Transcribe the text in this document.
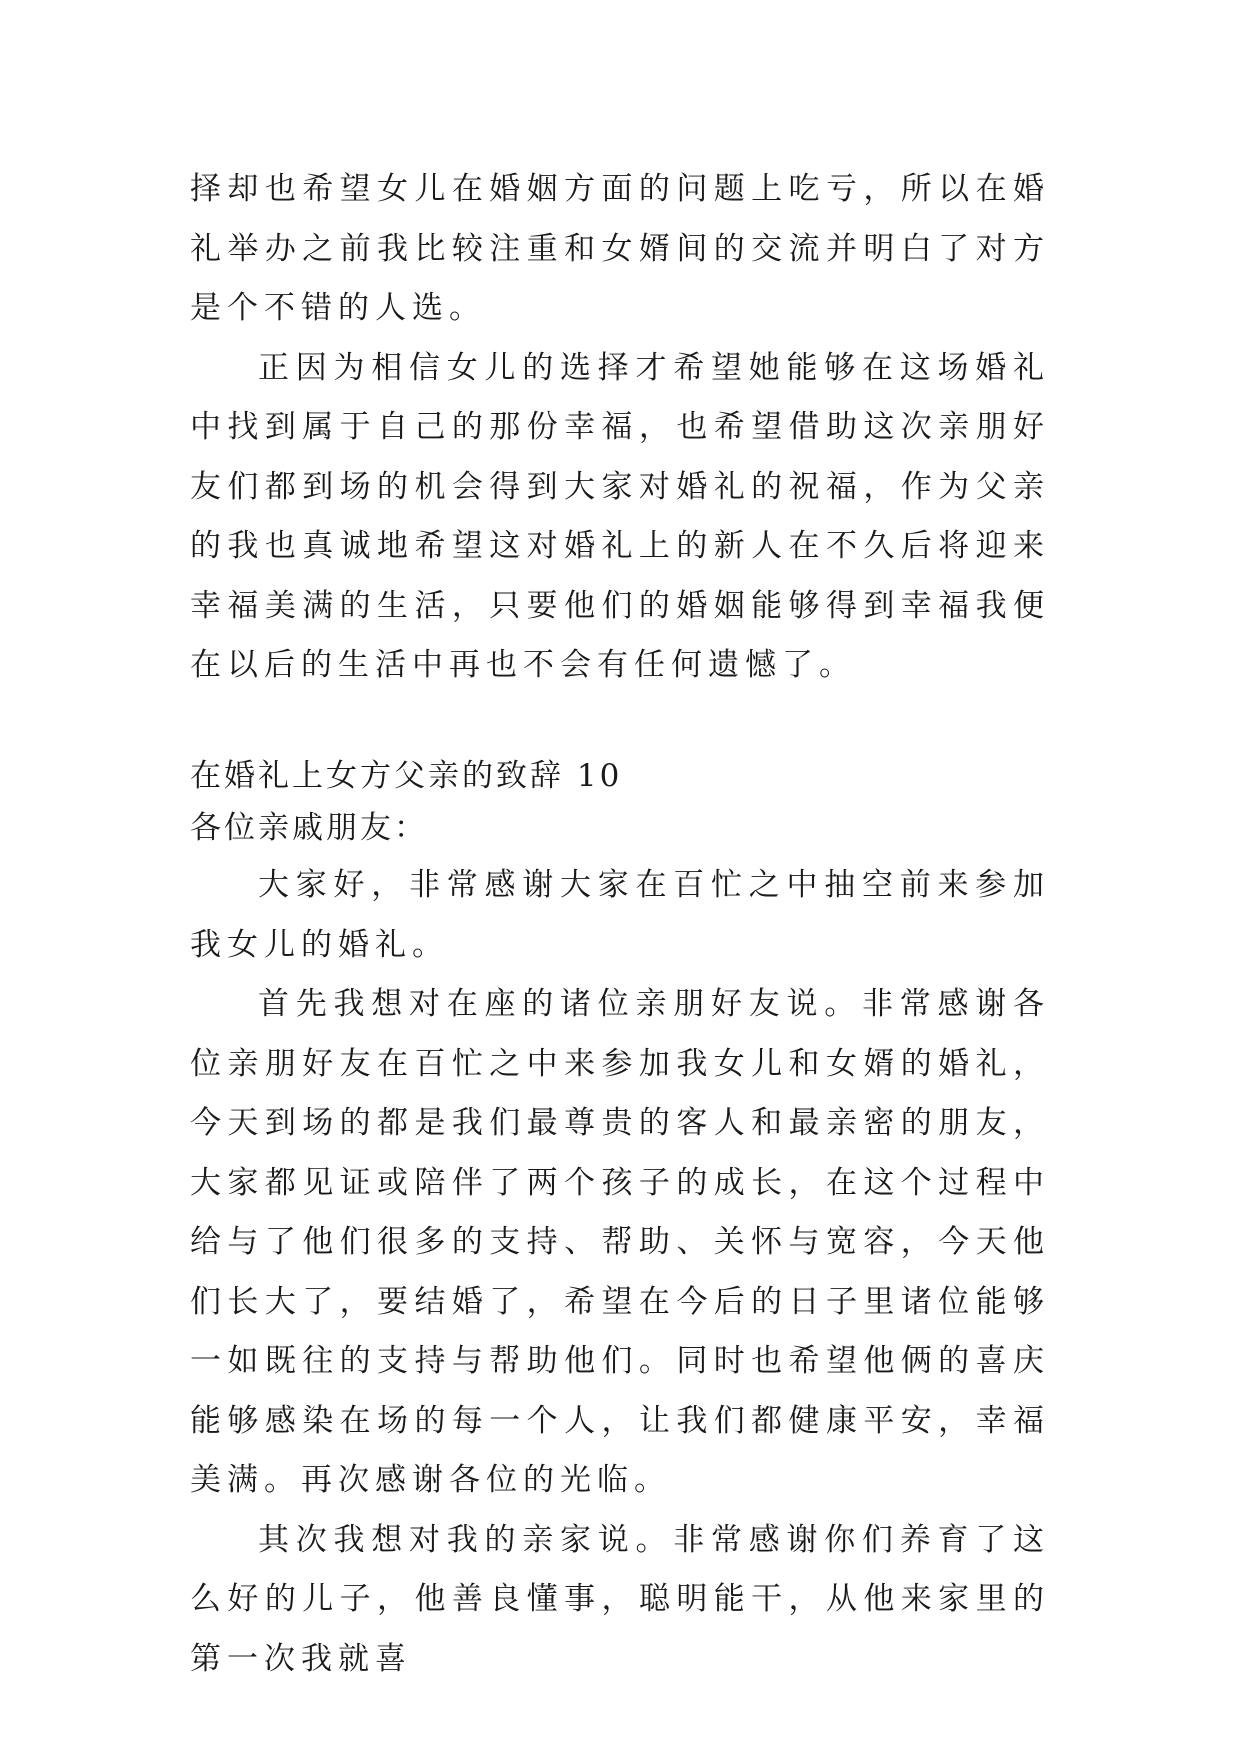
择却也希望女儿在婚姻方面的问题上吃亏，所以在婚礼举办之前我比较注重和女婿间的交流并明白了对方是个不错的人选。

正因为相信女儿的选择才希望她能够在这场婚礼中找到属于自己的那份幸福，也希望借助这次亲朋好友们都到场的机会得到大家对婚礼的祝福，作为父亲的我也真诚地希望这对婚礼上的新人在不久后将迎来幸福美满的生活，只要他们的婚姻能够得到幸福我便在以后的生活中再也不会有任何遗憾了。

在婚礼上女方父亲的致辞 10

各位亲戚朋友：

大家好，非常感谢大家在百忙之中抽空前来参加我女儿的婚礼。

首先我想对在座的诸位亲朋好友说。非常感谢各位亲朋好友在百忙之中来参加我女儿和女婿的婚礼，今天到场的都是我们最尊贵的客人和最亲密的朋友，大家都见证或陪伴了两个孩子的成长，在这个过程中给与了他们很多的支持、帮助、关怀与宽容，今天他们长大了，要结婚了，希望在今后的日子里诸位能够一如既往的支持与帮助他们。同时也希望他俩的喜庆能够感染在场的每一个人，让我们都健康平安，幸福美满。再次感谢各位的光临。

其次我想对我的亲家说。非常感谢你们养育了这么好的儿子，他善良懂事，聪明能干，从他来家里的第一次我就喜
